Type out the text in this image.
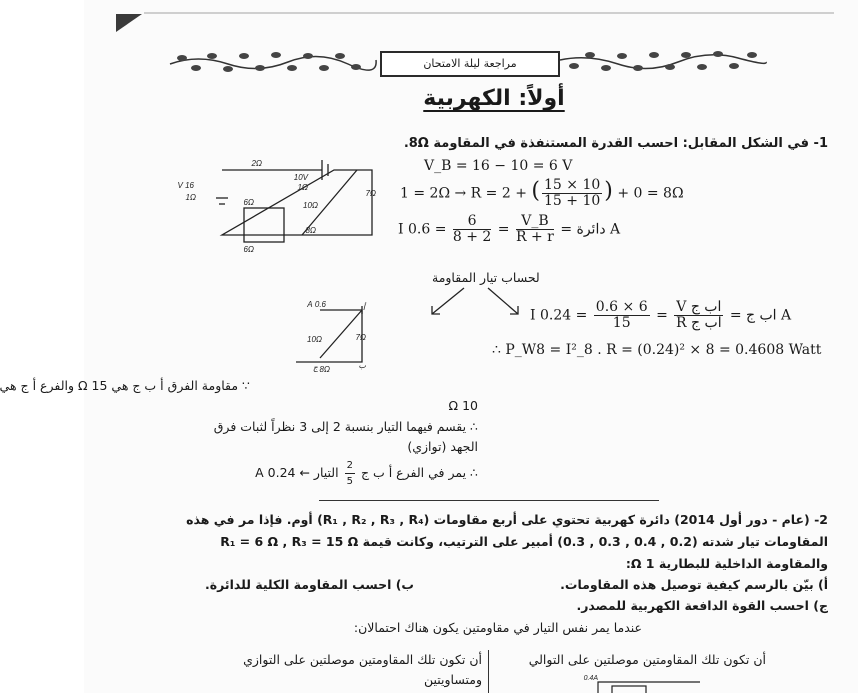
مراجعة ليلة الامتحان
أولاً: الكهربية
1- في الشكل المقابل: احسب القدرة المستنفذة في المقاومة 8Ω.
V_B = 16 − 10 = 6 V
1 = 2Ω → R = 2 + ( $\frac{15 \times 10}{15 + 10}$ ) + 0 = 8Ω
I دائرة =
$\frac{V\_B}{R + r}$
=
$\frac{6}{8 + 2}$
= 0.6 A
16 V
1Ω
2Ω
10V
1Ω
7Ω
10Ω
6Ω
8Ω
6Ω
لحساب تيار المقاومة
0.6 A	أ
10Ω	7Ω
8Ω	ب
ج
I اب ج =
$\frac{\text{V اب ج}}{\text{R اب ج}}$
=
$\frac{0.6 \times 6}{15}$
= 0.24 A
∴ P_W8 = I²_8 . R = (0.24)² × 8 = 0.4608 Watt
∵ مقاومة الفرق أ ب ج هي Ω 15 والفرع أ ج هي
10 Ω
∴ يقسم فيهما التيار بنسبة 2 إلى 3 نظراً لثبات فرق
الجهد (توازي)
∴ يمر في الفرع أ ب ج
$\frac{2}{5}$
التيار ← 0.24 A
2- (عام - دور أول 2014) دائرة كهربية تحتوي على أربع مقاومات (R₁ , R₂ , R₃ , R₄) أوم. فإذا مر في هذه
المقاومات تيار شدته (0.2 , 0.4 , 0.3 , 0.3) أمبير على الترتيب، وكانت قيمة R₁ = 6 Ω , R₃ = 15 Ω
والمقاومة الداخلية للبطارية Ω 1:
أ) بيّن بالرسم كيفية توصيل هذه المقاومات.
ب) احسب المقاومة الكلية للدائرة.
ج) احسب القوة الدافعة الكهربية للمصدر.
عندما يمر نفس التيار في مقاومتين يكون هناك احتمالان:
أن تكون تلك المقاومتين موصلتين على التوالي
أن تكون تلك المقاومتين موصلتين على التوازي
ومتساويتين	0.4A
